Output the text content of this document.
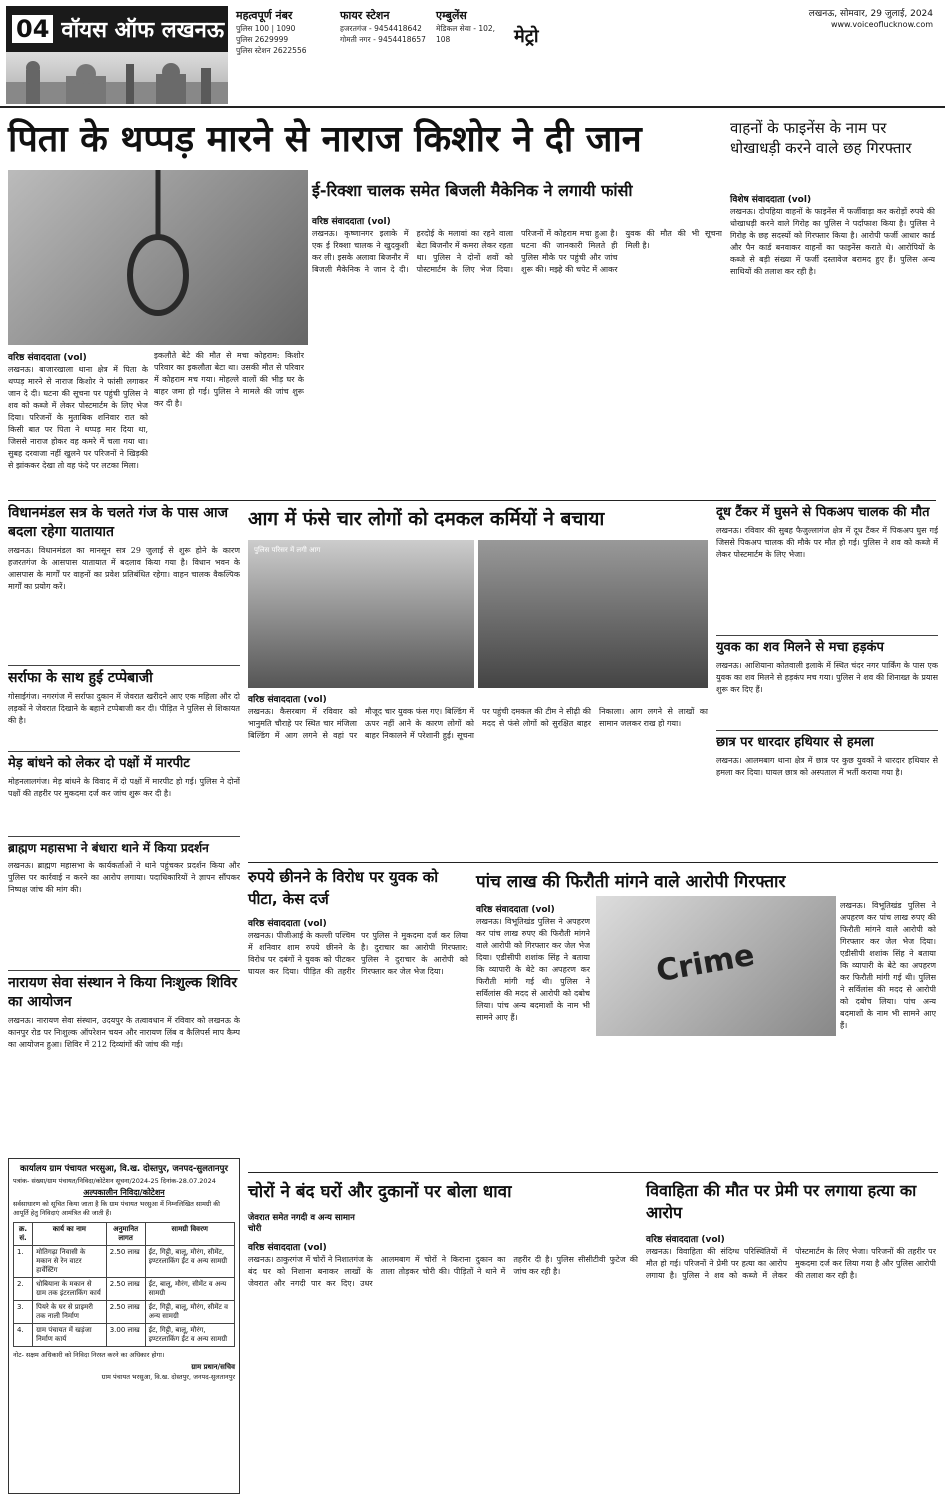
04 वॉयस ऑफ लखनऊ
महत्वपूर्ण नंबर
पुलिस 100 | 1090
पुलिस 2629999
पुलिस स्टेशन 2622556
फायर स्टेशन
हजरतगंज - 9454418642
गोमती नगर - 9454418657
एम्बुलेंस
मेडिकल सेवा - 102, 108	मेट्रो
लखनऊ, सोमवार, 29 जुलाई, 2024
www.voiceoflucknow.com
पिता के थप्पड़ मारने से नाराज किशोर ने दी जान	वाहनों के फाइनेंस के नाम पर धोखाधड़ी करने वाले छह गिरफ्तार
विशेष संवाददाता (vol)
लखनऊ। दोपहिया वाहनों के फाइनेंस में फर्जीवाड़ा कर करोड़ों रुपये की धोखाधड़ी करने वाले गिरोह का पुलिस ने पर्दाफाश किया है। पुलिस ने गिरोह के छह सदस्यों को गिरफ्तार किया है। आरोपी फर्जी आधार कार्ड और पैन कार्ड बनवाकर वाहनों का फाइनेंस कराते थे। आरोपियों के कब्जे से बड़ी संख्या में फर्जी दस्तावेज बरामद हुए हैं। पुलिस अन्य साथियों की तलाश कर रही है।
वरिष्ठ संवाददाता (vol)
लखनऊ। बाजारखाला थाना क्षेत्र में पिता के थप्पड़ मारने से नाराज किशोर ने फांसी लगाकर जान दे दी। घटना की सूचना पर पहुंची पुलिस ने शव को कब्जे में लेकर पोस्टमार्टम के लिए भेज दिया। परिजनों के मुताबिक शनिवार रात को किसी बात पर पिता ने थप्पड़ मार दिया था, जिससे नाराज होकर वह कमरे में चला गया था। सुबह दरवाजा नहीं खुलने पर परिजनों ने खिड़की से झांककर देखा तो वह फंदे पर लटका मिला।
इकलौते बेटे की मौत से मचा कोहराम: किशोर परिवार का इकलौता बेटा था। उसकी मौत से परिवार में कोहराम मच गया। मोहल्ले वालों की भीड़ घर के बाहर जमा हो गई। पुलिस ने मामले की जांच शुरू कर दी है।
ई-रिक्शा चालक समेत बिजली मैकेनिक ने लगायी फांसी
वरिष्ठ संवाददाता (vol)
लखनऊ। कृष्णानगर इलाके में एक ई रिक्शा चालक ने खुदकुशी कर ली। इसके अलावा बिजनौर में बिजली मैकेनिक ने जान दे दी। हरदोई के मलावां का रहने वाला बेटा बिजनौर में कमरा लेकर रहता था। पुलिस ने दोनों शवों को पोस्टमार्टम के लिए भेज दिया। परिजनों में कोहराम मचा हुआ है। घटना की जानकारी मिलते ही पुलिस मौके पर पहुंची और जांच शुरू की। मझ्हे की चपेट में आकर युवक की मौत की भी सूचना मिली है।
विधानमंडल सत्र के चलते गंज के पास आज बदला रहेगा यातायात
लखनऊ। विधानमंडल का मानसून सत्र 29 जुलाई से शुरू होने के कारण हजरतगंज के आसपास यातायात में बदलाव किया गया है। विधान भवन के आसपास के मार्गों पर वाहनों का प्रवेश प्रतिबंधित रहेगा। वाहन चालक वैकल्पिक मार्गों का प्रयोग करें।
सर्राफा के साथ हुई टप्पेबाजी
गोसाईगंज। नगरगंज में सर्राफा दुकान में जेवरात खरीदने आए एक महिला और दो लड़कों ने जेवरात दिखाने के बहाने टप्पेबाजी कर दी। पीड़ित ने पुलिस से शिकायत की है।
मेड़ बांधने को लेकर दो पक्षों में मारपीट
मोहनलालगंज। मेड़ बांधने के विवाद में दो पक्षों में मारपीट हो गई। पुलिस ने दोनों पक्षों की तहरीर पर मुकदमा दर्ज कर जांच शुरू कर दी है।
ब्राह्मण महासभा ने बंधारा थाने में किया प्रदर्शन
लखनऊ। ब्राह्मण महासभा के कार्यकर्ताओं ने थाने पहुंचकर प्रदर्शन किया और पुलिस पर कार्रवाई न करने का आरोप लगाया। पदाधिकारियों ने ज्ञापन सौंपकर निष्पक्ष जांच की मांग की।
नारायण सेवा संस्थान ने किया निःशुल्क शिविर का आयोजन
लखनऊ। नारायण सेवा संस्थान, उदयपुर के तत्वावधान में रविवार को लखनऊ के कानपुर रोड पर निःशुल्क ऑपरेशन चयन और नारायण लिंब व कैलिपर्स माप कैम्प का आयोजन हुआ। शिविर में 212 दिव्यांगों की जांच की गई।
आग में फंसे चार लोगों को दमकल कर्मियों ने बचाया
पुलिस परिसर में लगी आग
वरिष्ठ संवाददाता (vol)
लखनऊ। कैसरबाग में रविवार को भानुमति चौराहे पर स्थित चार मंजिला बिल्डिंग में आग लगने से वहां पर मौजूद चार युवक फंस गए। बिल्डिंग में ऊपर नहीं आने के कारण लोगों को बाहर निकालने में परेशानी हुई। सूचना पर पहुंची दमकल की टीम ने सीढ़ी की मदद से फंसे लोगों को सुरक्षित बाहर निकाला। आग लगने से लाखों का सामान जलकर राख हो गया।
दूध टैंकर में घुसने से पिकअप चालक की मौत
लखनऊ। रविवार की सुबह फैजुल्लागंज क्षेत्र में दूध टैंकर में पिकअप घुस गई जिससे पिकअप चालक की मौके पर मौत हो गई। पुलिस ने शव को कब्जे में लेकर पोस्टमार्टम के लिए भेजा।
युवक का शव मिलने से मचा हड़कंप
लखनऊ। आशियाना कोतवाली इलाके में स्थित चंदर नगर पार्किंग के पास एक युवक का शव मिलने से हड़कंप मच गया। पुलिस ने शव की शिनाख्त के प्रयास शुरू कर दिए हैं।
छात्र पर धारदार हथियार से हमला
लखनऊ। आलमबाग थाना क्षेत्र में छात्र पर कुछ युवकों ने धारदार हथियार से हमला कर दिया। घायल छात्र को अस्पताल में भर्ती कराया गया है।
रुपये छीनने के विरोध पर युवक को पीटा, केस दर्ज
वरिष्ठ संवाददाता (vol)
लखनऊ। पीजीआई के कल्ली पश्चिम में शनिवार शाम रुपये छीनने के विरोध पर दबंगों ने युवक को पीटकर घायल कर दिया। पीड़ित की तहरीर पर पुलिस ने मुकदमा दर्ज कर लिया है। दुराचार का आरोपी गिरफ्तार: पुलिस ने दुराचार के आरोपी को गिरफ्तार कर जेल भेज दिया।
पांच लाख की फिरौती मांगने वाले आरोपी गिरफ्तार
वरिष्ठ संवाददाता (vol)
Crime
लखनऊ। विभूतिखंड पुलिस ने अपहरण कर पांच लाख रुपए की फिरौती मांगने वाले आरोपी को गिरफ्तार कर जेल भेज दिया। एडीसीपी शशांक सिंह ने बताया कि व्यापारी के बेटे का अपहरण कर फिरौती मांगी गई थी। पुलिस ने सर्विलांस की मदद से आरोपी को दबोच लिया। पांच अन्य बदमाशों के नाम भी सामने आए हैं।
लखनऊ। विभूतिखंड पुलिस ने अपहरण कर पांच लाख रुपए की फिरौती मांगने वाले आरोपी को गिरफ्तार कर जेल भेज दिया। एडीसीपी शशांक सिंह ने बताया कि व्यापारी के बेटे का अपहरण कर फिरौती मांगी गई थी। पुलिस ने सर्विलांस की मदद से आरोपी को दबोच लिया। पांच अन्य बदमाशों के नाम भी सामने आए हैं।
कार्यालय ग्राम पंचायत भरसुआ, वि.ख. दोस्तपुर, जनपद-सुलतानपुर
पत्रांक- संख्या/ग्राम पंचायत/निविदा/कोटेशन सूचना/2024-25 दिनांक-28.07.2024
अल्पकालीन निविदा/कोटेशन
सर्वसाधारण को सूचित किया जाता है कि ग्राम पंचायत भरसुआ में निम्नलिखित सामग्री की आपूर्ति हेतु निविदाएं आमंत्रित की जाती हैं।
क्र. सं.	कार्य का नाम	अनुमानित लागत	सामग्री विवरण
1.	मोतिगढ़ा निवासी के मकान से रेन वाटर हार्वेस्टिंग	2.50 लाख	ईंट, गिट्टी, बालू, मौरंग, सीमेंट, इण्टरलाकिंग ईंट व अन्य सामग्री
2.	धोबियाना के मकान से ग्राम तक इंटरलाकिंग कार्य	2.50 लाख	ईंट, बालू, मौरंग, सीमेंट व अन्य सामग्री
3.	पियरे के घर से प्राइमरी तक नाली निर्माण	2.50 लाख	ईंट, गिट्टी, बालू, मौरंग, सीमेंट व अन्य सामग्री
4.	ग्राम पंचायत में खड़ंजा निर्माण कार्य	3.00 लाख	ईंट, गिट्टी, बालू, मौरंग, इण्टरलाकिंग ईंट व अन्य सामग्री
नोट- सक्षम अधिकारी को निविदा निरस्त करने का अधिकार होगा।
ग्राम प्रधान/सचिव
ग्राम पंचायत भरसुआ, वि.ख. दोस्तपुर, जनपद-सुलतानपुर
चोरों ने बंद घरों और दुकानों पर बोला धावा
जेवरात समेत नगदी व अन्य सामान चोरी
वरिष्ठ संवाददाता (vol)
लखनऊ। ठाकुरगंज में चोरों ने निशातगंज के बंद घर को निशाना बनाकर लाखों के जेवरात और नगदी पार कर दिए। उधर आलमबाग में चोरों ने किराना दुकान का ताला तोड़कर चोरी की। पीड़ितों ने थाने में तहरीर दी है। पुलिस सीसीटीवी फुटेज की जांच कर रही है।
विवाहिता की मौत पर प्रेमी पर लगाया हत्या का आरोप
वरिष्ठ संवाददाता (vol)
लखनऊ। विवाहिता की संदिग्ध परिस्थितियों में मौत हो गई। परिजनों ने प्रेमी पर हत्या का आरोप लगाया है। पुलिस ने शव को कब्जे में लेकर पोस्टमार्टम के लिए भेजा। परिजनों की तहरीर पर मुकदमा दर्ज कर लिया गया है और पुलिस आरोपी की तलाश कर रही है।
